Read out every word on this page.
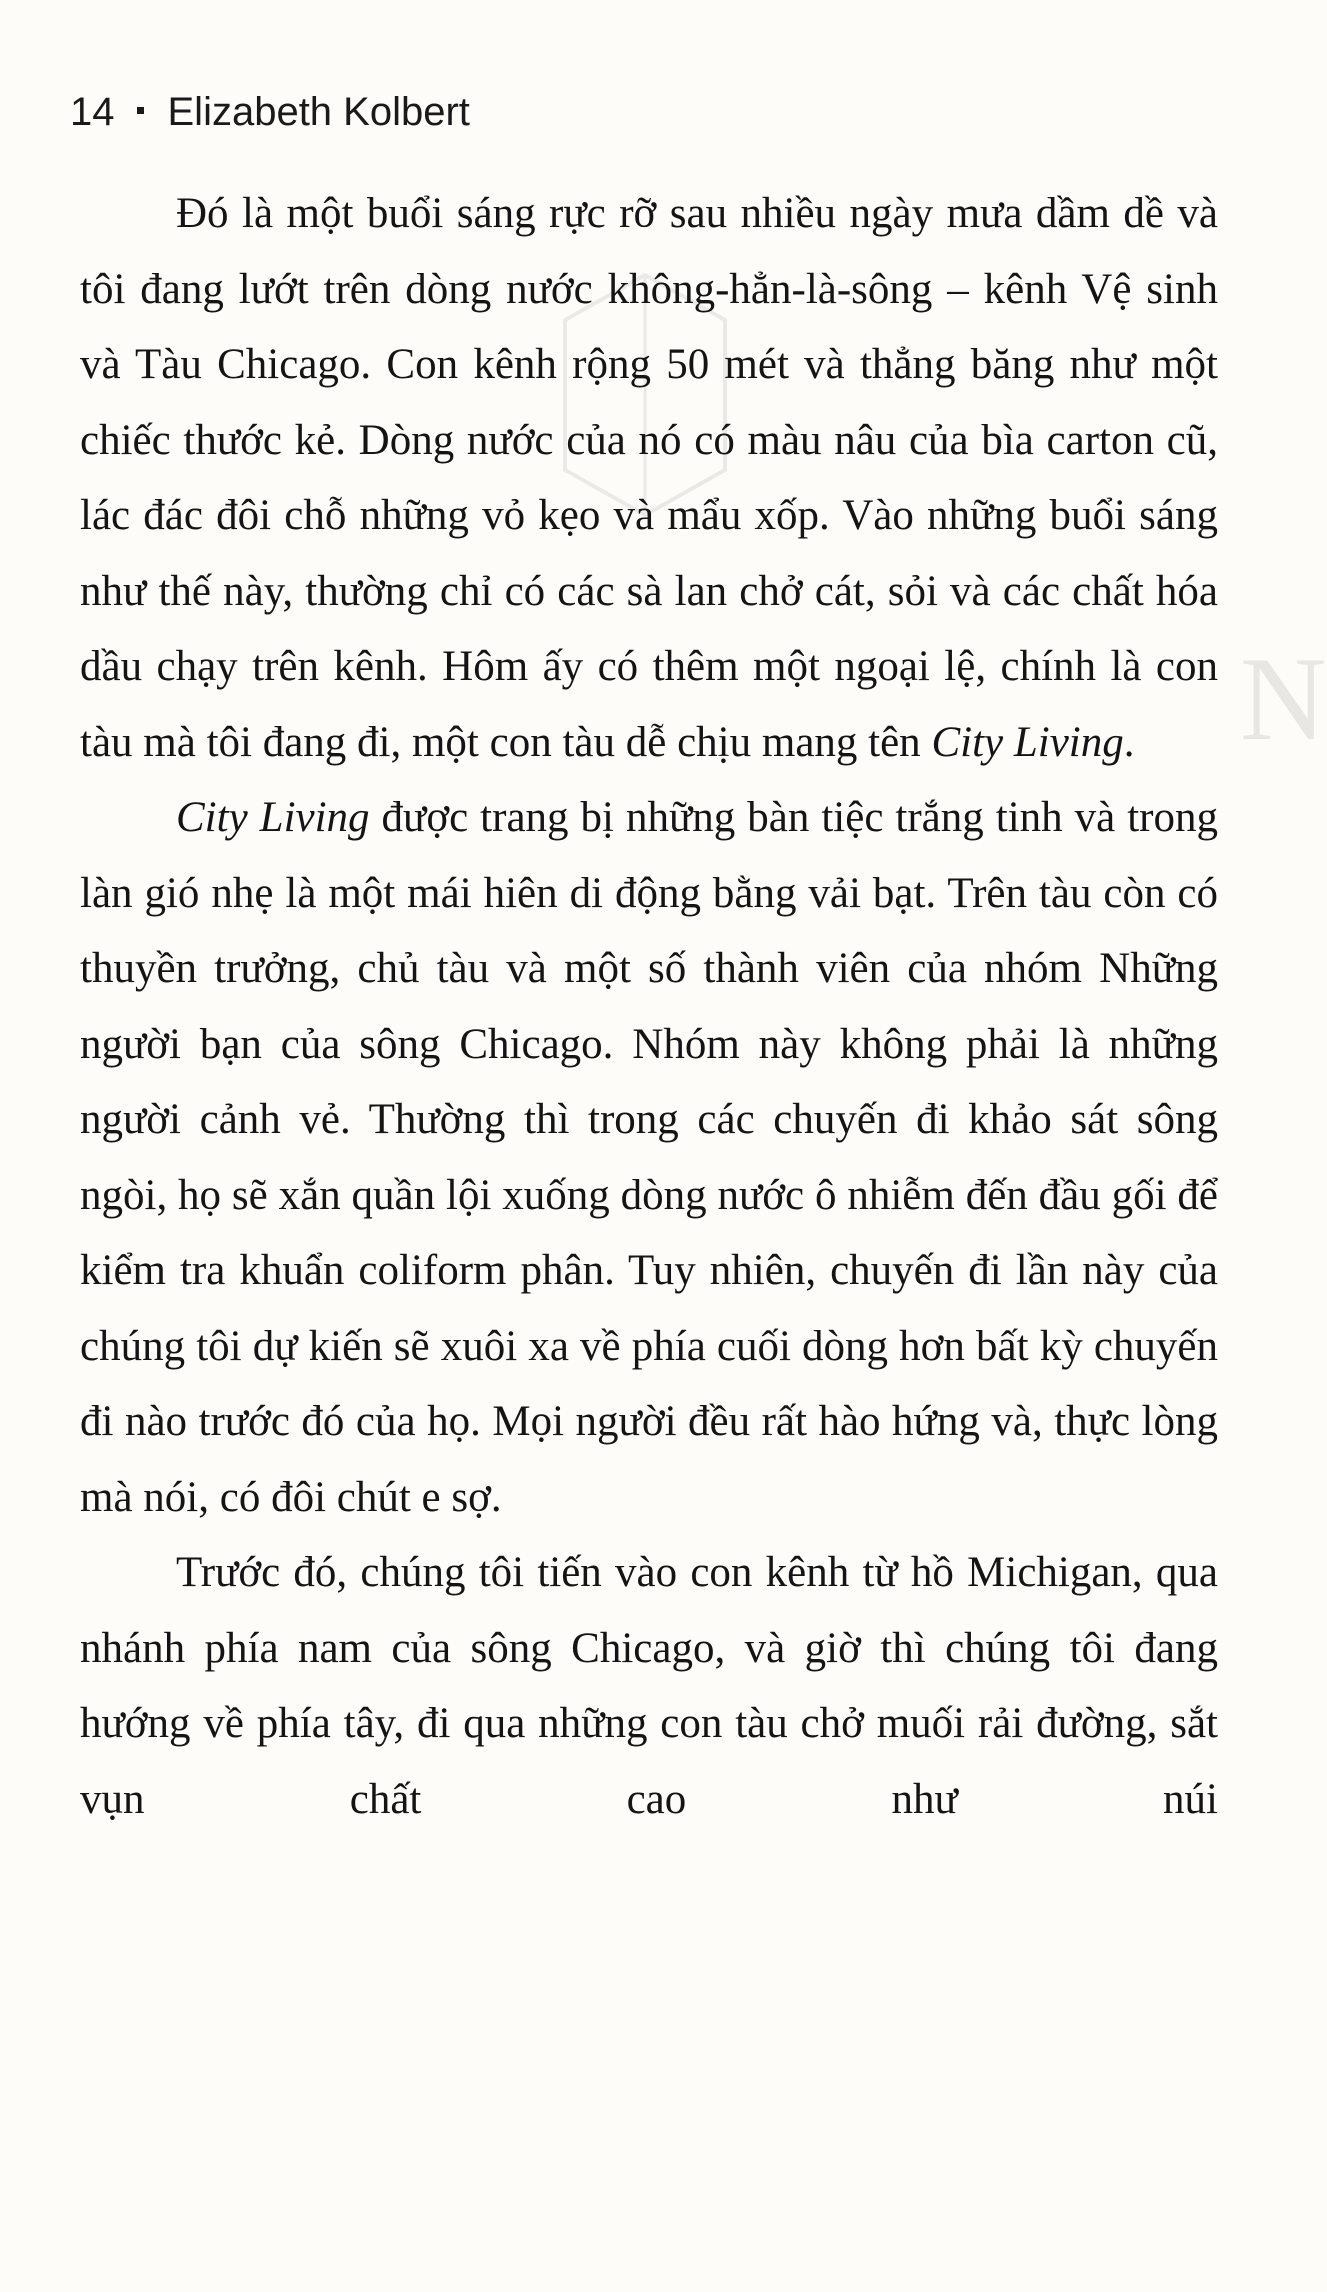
N
14 Elizabeth Kolbert

Đó là một buổi sáng rực rỡ sau nhiều ngày mưa dầm dề và tôi đang lướt trên dòng nước không-hẳn-là-sông – kênh Vệ sinh và Tàu Chicago. Con kênh rộng 50 mét và thẳng băng như một chiếc thước kẻ. Dòng nước của nó có màu nâu của bìa carton cũ, lác đác đôi chỗ những vỏ kẹo và mẩu xốp. Vào những buổi sáng như thế này, thường chỉ có các sà lan chở cát, sỏi và các chất hóa dầu chạy trên kênh. Hôm ấy có thêm một ngoại lệ, chính là con tàu mà tôi đang đi, một con tàu dễ chịu mang tên City Living.

City Living được trang bị những bàn tiệc trắng tinh và trong làn gió nhẹ là một mái hiên di động bằng vải bạt. Trên tàu còn có thuyền trưởng, chủ tàu và một số thành viên của nhóm Những người bạn của sông Chicago. Nhóm này không phải là những người cảnh vẻ. Thường thì trong các chuyến đi khảo sát sông ngòi, họ sẽ xắn quần lội xuống dòng nước ô nhiễm đến đầu gối để kiểm tra khuẩn coliform phân. Tuy nhiên, chuyến đi lần này của chúng tôi dự kiến sẽ xuôi xa về phía cuối dòng hơn bất kỳ chuyến đi nào trước đó của họ. Mọi người đều rất hào hứng và, thực lòng mà nói, có đôi chút e sợ.

Trước đó, chúng tôi tiến vào con kênh từ hồ Michigan, qua nhánh phía nam của sông Chicago, và giờ thì chúng tôi đang hướng về phía tây, đi qua những con tàu chở muối rải đường, sắt vụn chất cao như núi
